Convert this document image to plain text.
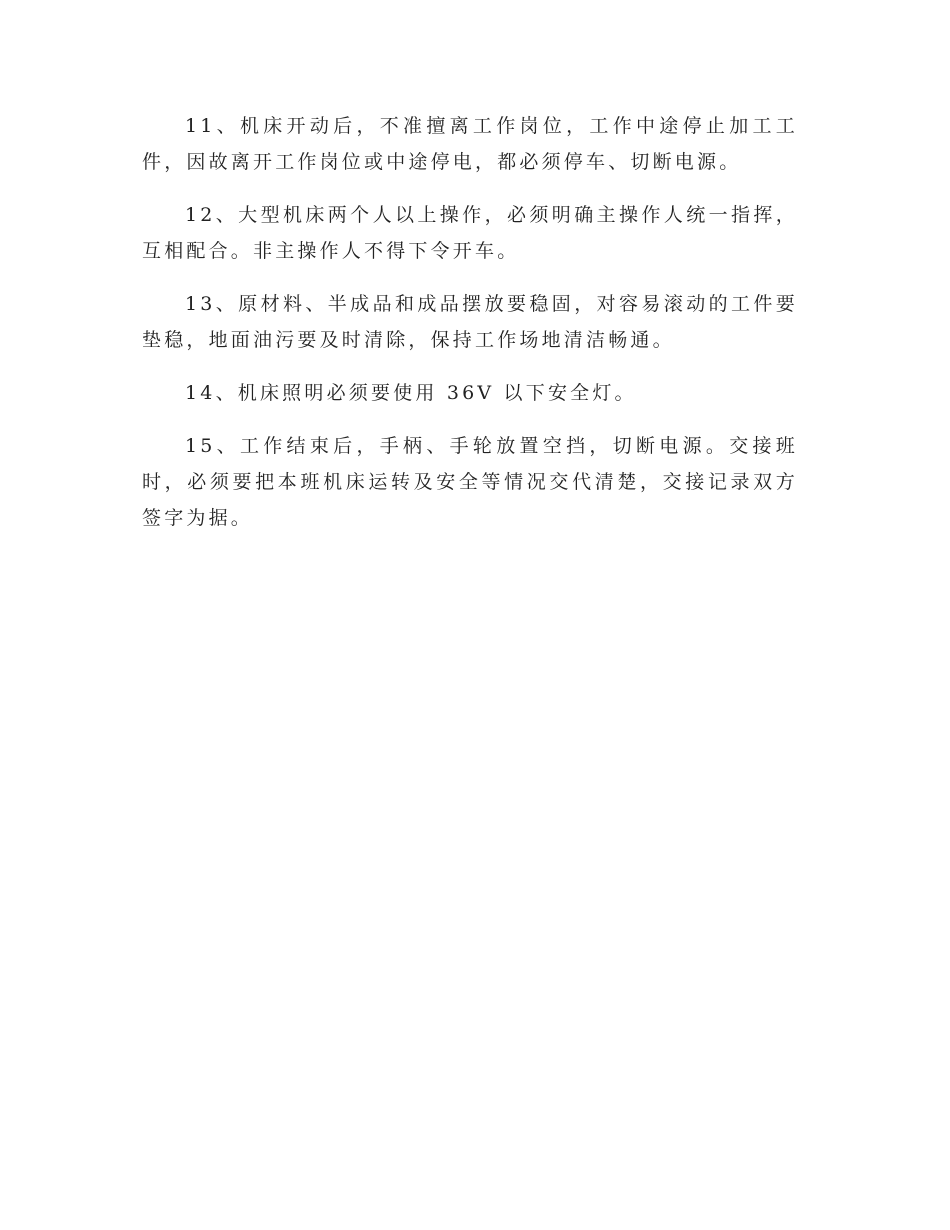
11、机床开动后，不准擅离工作岗位，工作中途停止加工工件，因故离开工作岗位或中途停电，都必须停车、切断电源。

12、大型机床两个人以上操作，必须明确主操作人统一指挥，互相配合。非主操作人不得下令开车。

13、原材料、半成品和成品摆放要稳固，对容易滚动的工件要垫稳，地面油污要及时清除，保持工作场地清洁畅通。

14、机床照明必须要使用 36V 以下安全灯。

15、工作结束后，手柄、手轮放置空挡，切断电源。交接班时，必须要把本班机床运转及安全等情况交代清楚，交接记录双方签字为据。
